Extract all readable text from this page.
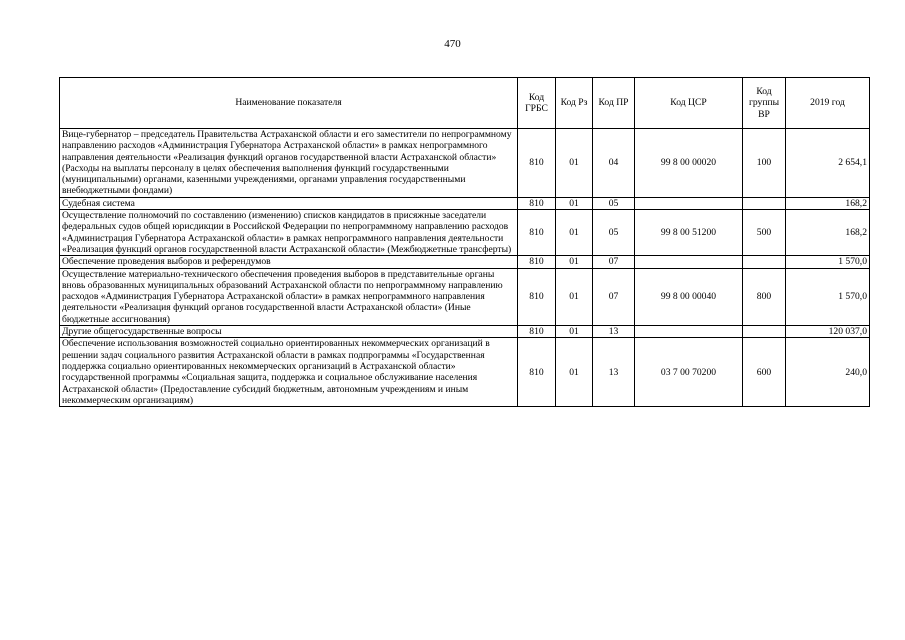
470
Наименование показателя	Код ГРБС	Код Рз	Код ПР	Код ЦСР	Код группы ВР	2019 год
Вице-губернатор – председатель Правительства Астраханской области и его заместители по непрограммному направлению расходов «Администрация Губернатора Астраханской области» в рамках непрограммного направления деятельности «Реализация функций органов государственной власти Астраханской области» (Расходы на выплаты персоналу в целях обеспечения выполнения функций государственными (муниципальными) органами, казенными учреждениями, органами управления государственными внебюджетными фондами)	810	01	04	99 8 00 00020	100	2 654,1
Судебная система	810	01	05			168,2
Осуществление полномочий по составлению (изменению) списков кандидатов в присяжные заседатели федеральных судов общей юрисдикции в Российской Федерации по непрограммному направлению расходов «Администрация Губернатора Астраханской области» в рамках непрограммного направления деятельности «Реализация функций органов государственной власти Астраханской области» (Межбюджетные трансферты)	810	01	05	99 8 00 51200	500	168,2
Обеспечение проведения выборов и референдумов	810	01	07			1 570,0
Осуществление материально-технического обеспечения проведения выборов в представительные органы вновь образованных муниципальных образований Астраханской области по непрограммному направлению расходов «Администрация Губернатора Астраханской области» в рамках непрограммного направления деятельности «Реализация функций органов государственной власти Астраханской области» (Иные бюджетные ассигнования)	810	01	07	99 8 00 00040	800	1 570,0
Другие общегосударственные вопросы	810	01	13			120 037,0
Обеспечение использования возможностей социально ориентированных некоммерческих организаций в решении задач социального развития Астраханской области в рамках подпрограммы «Государственная поддержка социально ориентированных некоммерческих организаций в Астраханской области» государственной программы «Социальная защита, поддержка и социальное обслуживание населения Астраханской области» (Предоставление субсидий бюджетным, автономным учреждениям и иным некоммерческим организациям)	810	01	13	03 7 00 70200	600	240,0
